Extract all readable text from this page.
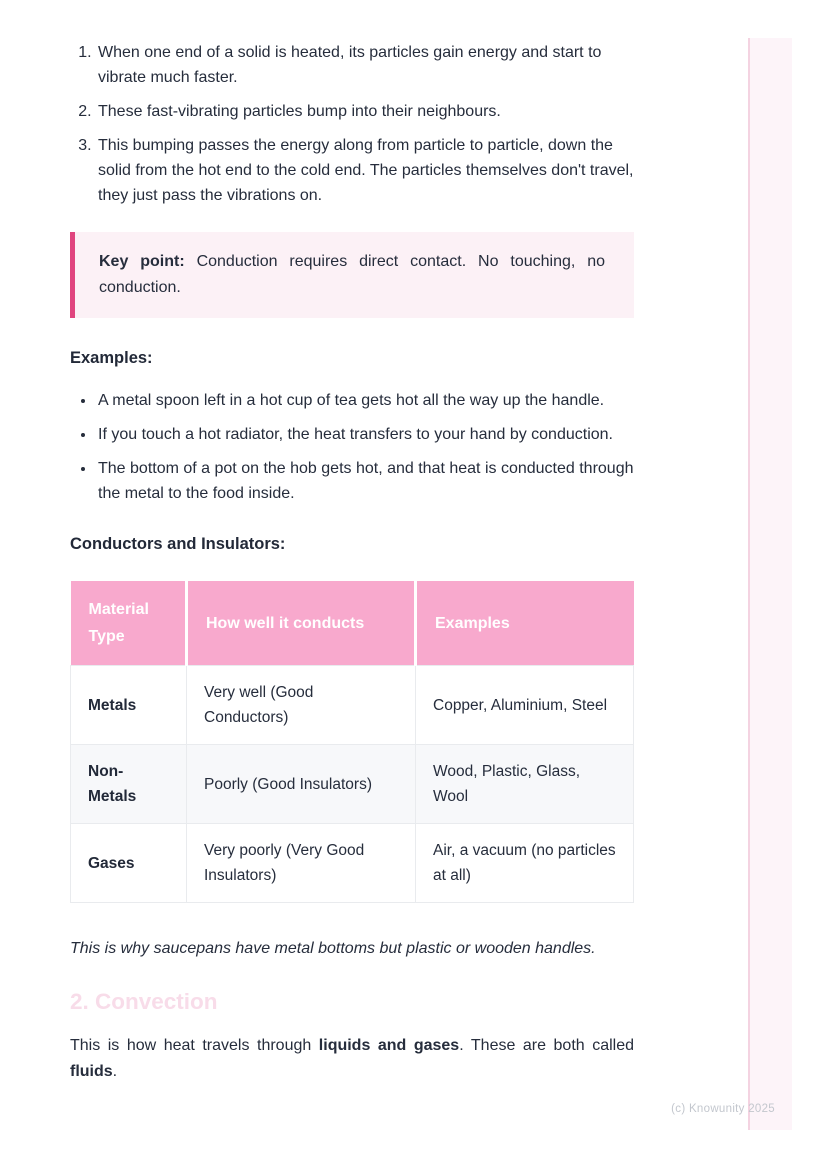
1. When one end of a solid is heated, its particles gain energy and start to vibrate much faster.
2. These fast-vibrating particles bump into their neighbours.
3. This bumping passes the energy along from particle to particle, down the solid from the hot end to the cold end. The particles themselves don't travel, they just pass the vibrations on.
Key point: Conduction requires direct contact. No touching, no conduction.
Examples:
• A metal spoon left in a hot cup of tea gets hot all the way up the handle.
• If you touch a hot radiator, the heat transfers to your hand by conduction.
• The bottom of a pot on the hob gets hot, and that heat is conducted through the metal to the food inside.
Conductors and Insulators:
Material Type	How well it conducts	Examples
Metals	Very well (Good Conductors)	Copper, Aluminium, Steel
Non-Metals	Poorly (Good Insulators)	Wood, Plastic, Glass, Wool
Gases	Very poorly (Very Good Insulators)	Air, a vacuum (no particles at all)

This is why saucepans have metal bottoms but plastic or wooden handles.

2. Convection

This is how heat travels through liquids and gases. These are both called fluids.

(c) Knowunity 2025
